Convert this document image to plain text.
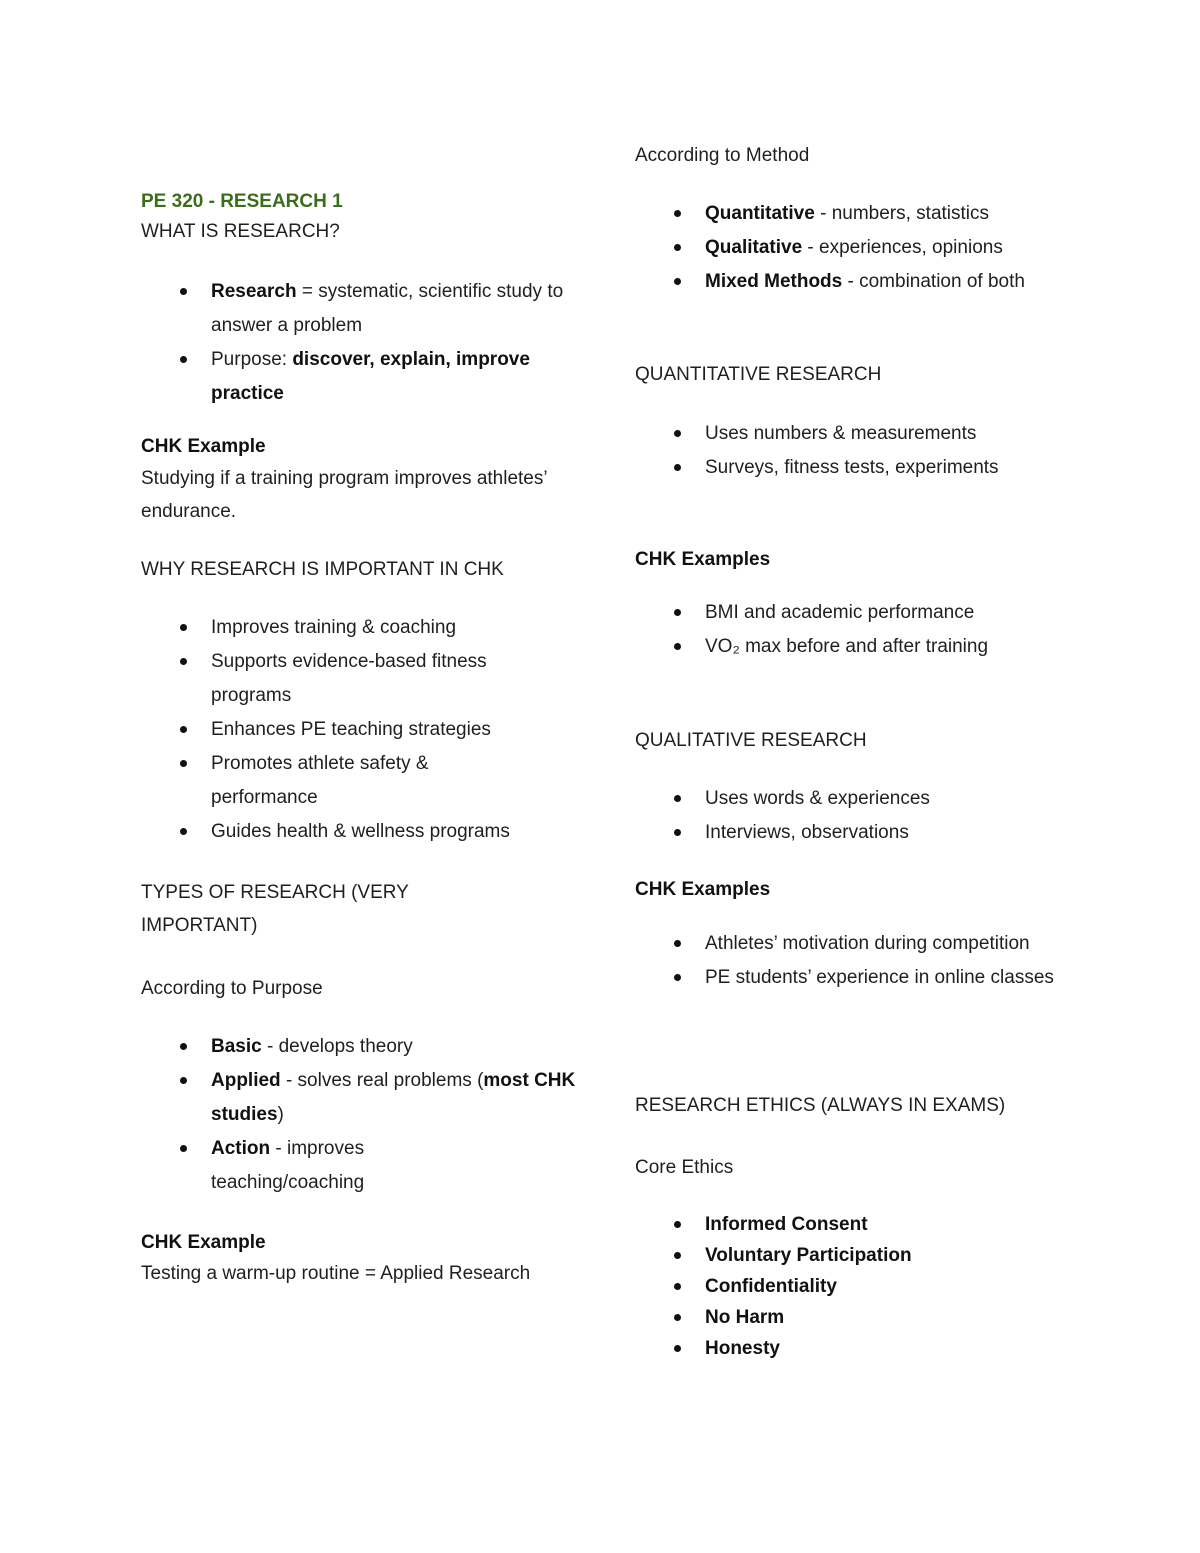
PE 320 - RESEARCH 1
WHAT IS RESEARCH?
Research = systematic, scientific study to answer a problem
Purpose: discover, explain, improve practice
CHK Example
Studying if a training program improves athletes’ endurance.
WHY RESEARCH IS IMPORTANT IN CHK
Improves training & coaching
Supports evidence-based fitness programs
Enhances PE teaching strategies
Promotes athlete safety & performance
Guides health & wellness programs
TYPES OF RESEARCH (VERY IMPORTANT)
According to Purpose
Basic - develops theory
Applied - solves real problems (most CHK studies)
Action - improves teaching/coaching
CHK Example
Testing a warm-up routine = Applied Research
According to Method
Quantitative - numbers, statistics
Qualitative - experiences, opinions
Mixed Methods - combination of both
QUANTITATIVE RESEARCH
Uses numbers & measurements
Surveys, fitness tests, experiments
CHK Examples
BMI and academic performance
VO₂ max before and after training
QUALITATIVE RESEARCH
Uses words & experiences
Interviews, observations
CHK Examples
Athletes’ motivation during competition
PE students’ experience in online classes
RESEARCH ETHICS (ALWAYS IN EXAMS)
Core Ethics
Informed Consent
Voluntary Participation
Confidentiality
No Harm
Honesty
